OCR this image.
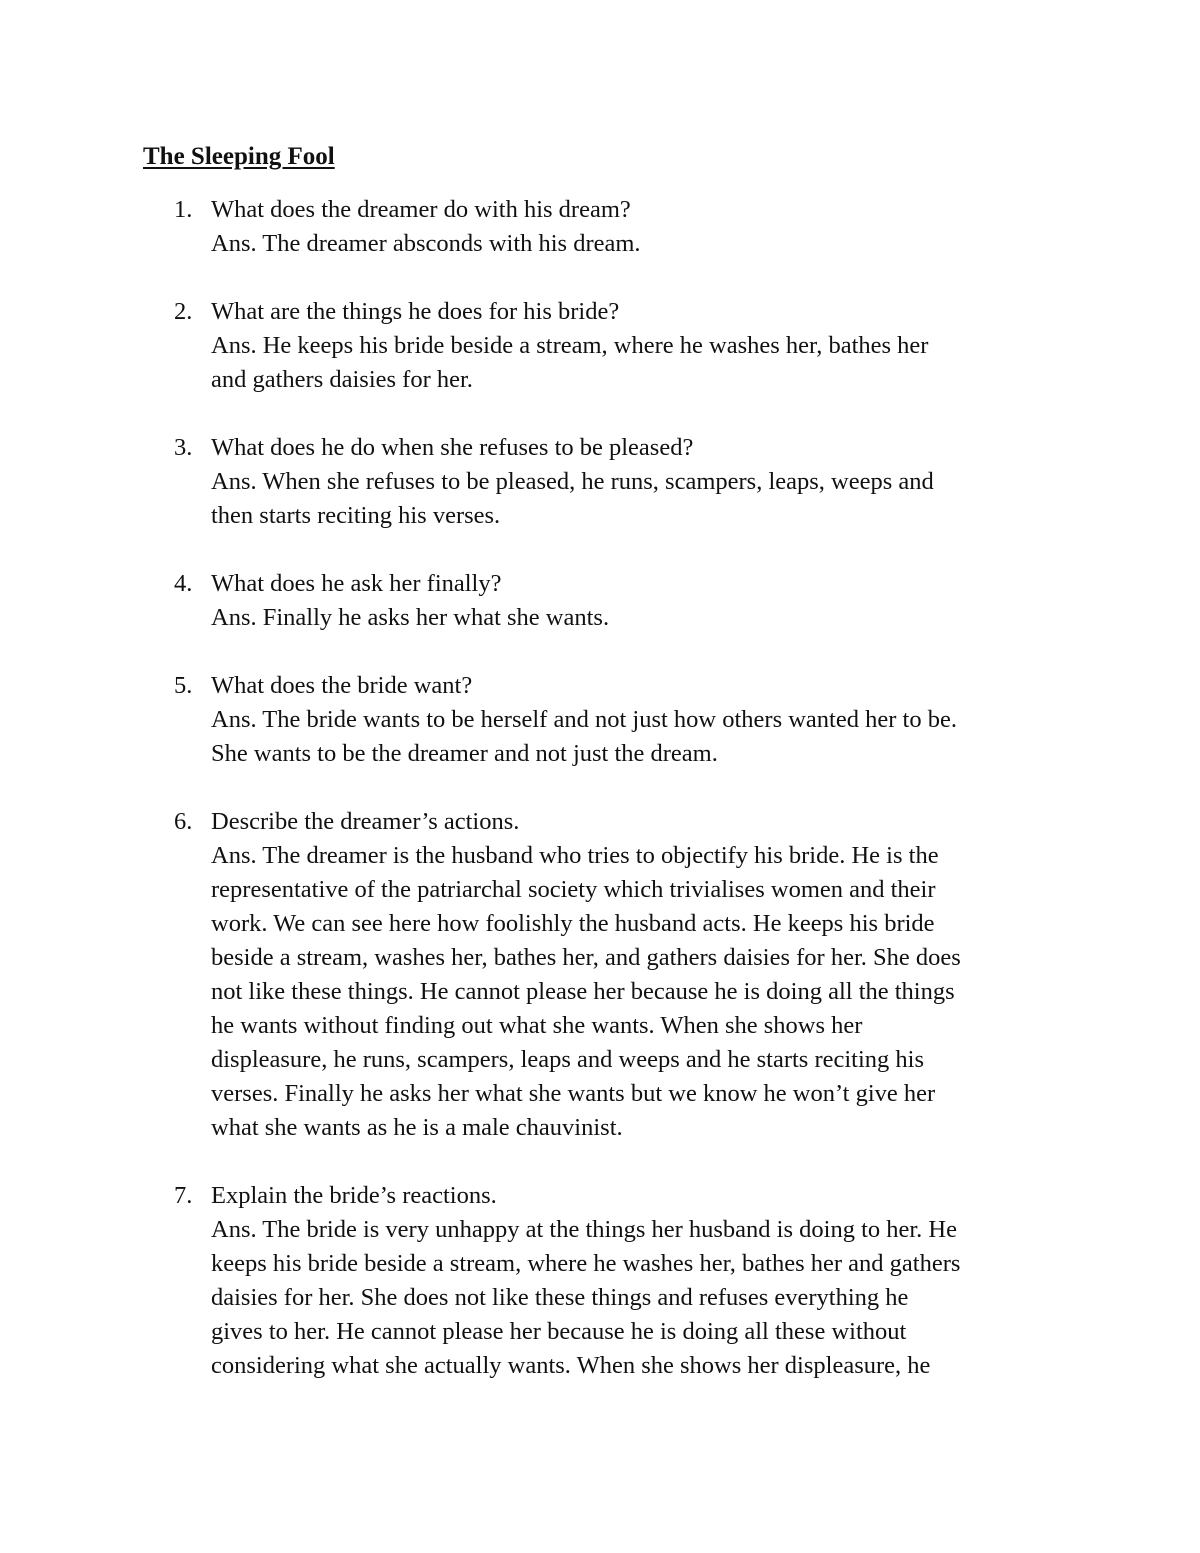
The Sleeping Fool
1. What does the dreamer do with his dream?
Ans. The dreamer absconds with his dream.
2. What are the things he does for his bride?
Ans. He keeps his bride beside a stream, where he washes her, bathes her
and gathers daisies for her.
3. What does he do when she refuses to be pleased?
Ans. When she refuses to be pleased, he runs, scampers, leaps, weeps and
then starts reciting his verses.
4. What does he ask her finally?
Ans. Finally he asks her what she wants.
5. What does the bride want?
Ans. The bride wants to be herself and not just how others wanted her to be.
She wants to be the dreamer and not just the dream.
6. Describe the dreamer’s actions.
Ans. The dreamer is the husband who tries to objectify his bride. He is the
representative of the patriarchal society which trivialises women and their
work. We can see here how foolishly the husband acts. He keeps his bride
beside a stream, washes her, bathes her, and gathers daisies for her. She does
not like these things. He cannot please her because he is doing all the things
he wants without finding out what she wants. When she shows her
displeasure, he runs, scampers, leaps and weeps and he starts reciting his
verses. Finally he asks her what she wants but we know he won’t give her
what she wants as he is a male chauvinist.
7. Explain the bride’s reactions.
Ans. The bride is very unhappy at the things her husband is doing to her. He
keeps his bride beside a stream, where he washes her, bathes her and gathers
daisies for her. She does not like these things and refuses everything he
gives to her. He cannot please her because he is doing all these without
considering what she actually wants. When she shows her displeasure, he
